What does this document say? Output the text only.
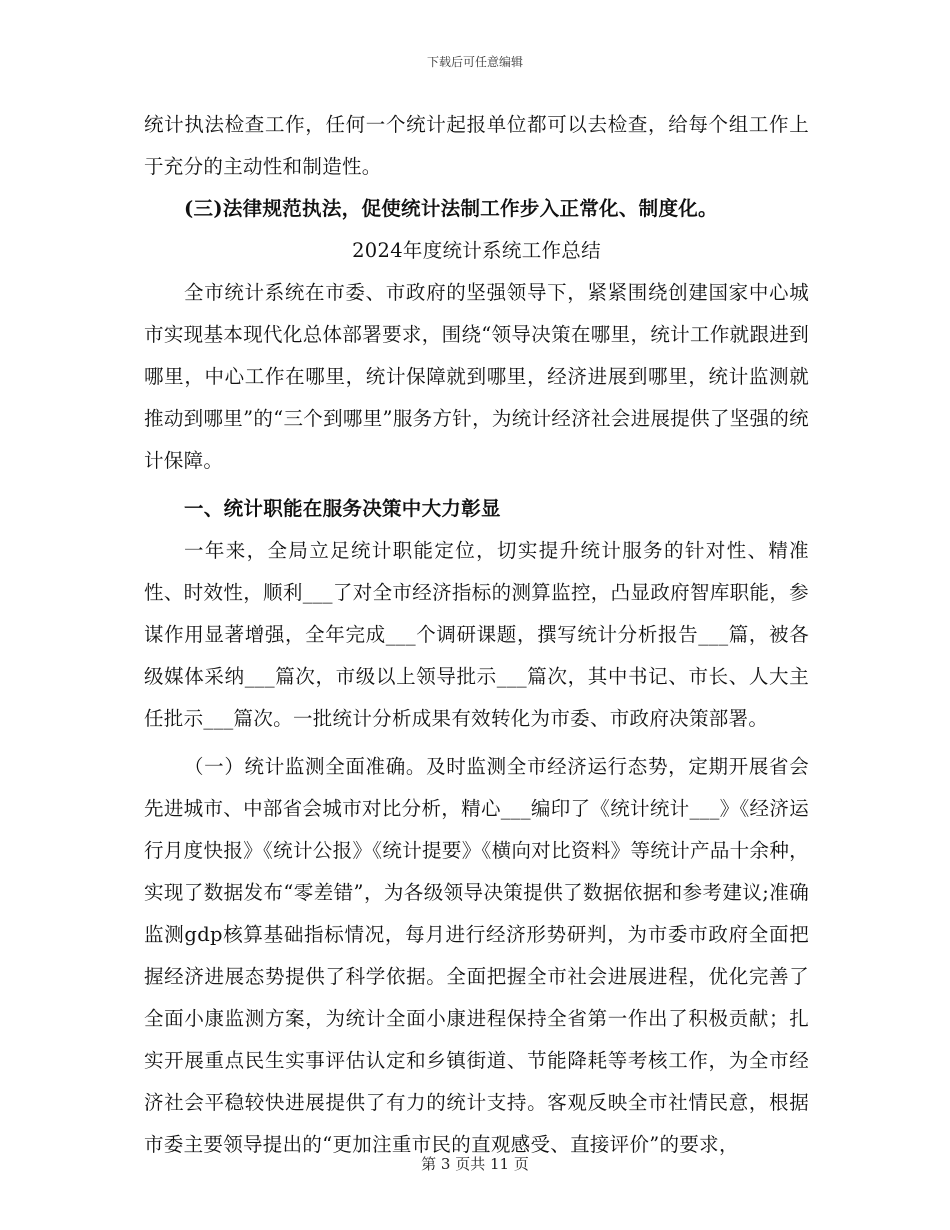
下载后可任意编辑

统计执法检查工作，任何一个统计起报单位都可以去检查，给每个组工作上于充分的主动性和制造性。

(三)法律规范执法，促使统计法制工作步入正常化、制度化。

2024年度统计系统工作总结

全市统计系统在市委、市政府的坚强领导下，紧紧围绕创建国家中心城市实现基本现代化总体部署要求，围绕“领导决策在哪里，统计工作就跟进到哪里，中心工作在哪里，统计保障就到哪里，经济进展到哪里，统计监测就推动到哪里”的“三个到哪里”服务方针，为统计经济社会进展提供了坚强的统计保障。

一、统计职能在服务决策中大力彰显

一年来，全局立足统计职能定位，切实提升统计服务的针对性、精准性、时效性，顺利___了对全市经济指标的测算监控，凸显政府智库职能，参谋作用显著增强，全年完成___个调研课题，撰写统计分析报告___篇，被各级媒体采纳___篇次，市级以上领导批示___篇次，其中书记、市长、人大主任批示___篇次。一批统计分析成果有效转化为市委、市政府决策部署。

（一）统计监测全面准确。及时监测全市经济运行态势，定期开展省会先进城市、中部省会城市对比分析，精心___编印了《统计统计___》《经济运行月度快报》《统计公报》《统计提要》《横向对比资料》等统计产品十余种，实现了数据发布“零差错”，为各级领导决策提供了数据依据和参考建议;准确监测gdp核算基础指标情况，每月进行经济形势研判，为市委市政府全面把握经济进展态势提供了科学依据。全面把握全市社会进展进程，优化完善了全面小康监测方案，为统计全面小康进程保持全省第一作出了积极贡献；扎实开展重点民生实事评估认定和乡镇街道、节能降耗等考核工作，为全市经济社会平稳较快进展提供了有力的统计支持。客观反映全市社情民意，根据市委主要领导提出的“更加注重市民的直观感受、直接评价”的要求，

第 3 页共 11 页
